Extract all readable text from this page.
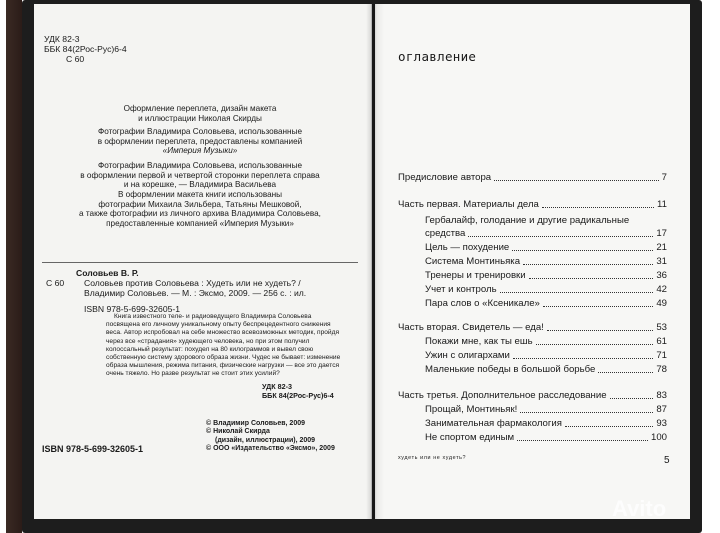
УДК 82-3
ББК 84(2Рос-Рус)6-4
С 60
Оформление переплета, дизайн макета
и иллюстрации Николая Скирды
Фотографии Владимира Соловьева, использованные
в оформлении переплета, предоставлены компанией
«Империя Музыки»
Фотографии Владимира Соловьева, использованные
в оформлении первой и четвертой сторонки переплета справа
и на корешке, — Владимира Васильева
В оформлении макета книги использованы
фотографии Михаила Зильбера, Татьяны Мешковой,
а также фотографии из личного архива Владимира Соловьева,
предоставленные компанией «Империя Музыки»
С 60
Соловьев В. Р.
Соловьев против Соловьева : Худеть или не худеть? /
Владимир Соловьев. — М. : Эксмо, 2009. — 256 с. : ил.
ISBN 978-5-699-32605-1
Книга известного теле- и радиоведущего Владимира Соловьева посвящена его личному уникальному опыту беспрецедентного снижения веса. Автор испробовал на себе множество всевозможных методик, пройдя через все «страдания» худеющего человека, но при этом получил колоссальный результат: похудел на 80 килограммов и вывел свою собственную систему здорового образа жизни. Чудес не бывает: изменение образа мышления, режима питания, физические нагрузки — все это дается очень тяжело. Но разве результат не стоит этих усилий?
УДК 82-3
ББК 84(2Рос-Рус)6-4
© Владимир Соловьев, 2009
© Николай Скирда
(дизайн, иллюстрации), 2009
© ООО «Издательство «Эксмо», 2009
ISBN 978-5-699-32605-1
оглавление
Предисловие автора	7
Часть первая. Материалы дела	11
Гербалайф, голодание и другие радикальные
средства	17
Цель — похудение	21
Система Монтиньяка	31
Тренеры и тренировки	36
Учет и контроль	42
Пара слов о «Ксеникале»	49
Часть вторая. Свидетель — еда!	53
Покажи мне, как ты ешь	61
Ужин с олигархами	71
Маленькие победы в большой борьбе	78
Часть третья. Дополнительное расследование	83
Прощай, Монтиньяк!	87
Занимательная фармакология	93
Не спортом единым	100
худеть или не худеть?	5
Avito
